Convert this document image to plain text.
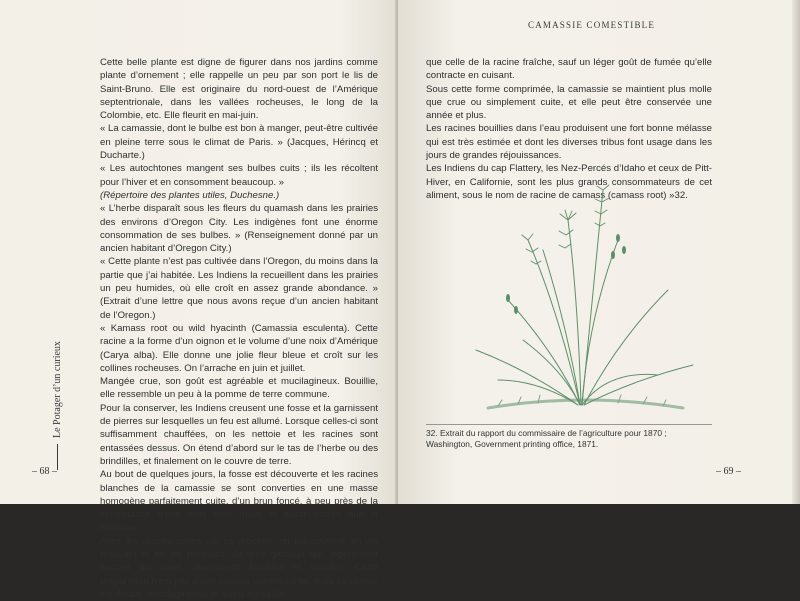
Cette belle plante est digne de figurer dans nos jardins comme plante d’ornement ; elle rappelle un peu par son port le lis de Saint-Bruno. Elle est originaire du nord-ouest de l’Amérique septentrionale, dans les vallées rocheuses, le long de la Colombie, etc. Elle fleurit en mai-juin.

« La camassie, dont le bulbe est bon à manger, peut-être cultivée en pleine terre sous le climat de Paris. » (Jacques, Hérincq et Ducharte.)

« Les autochtones mangent ses bulbes cuits ; ils les récoltent pour l’hiver et en consomment beaucoup. »

(Répertoire des plantes utiles, Duchesne.)

« L’herbe disparaît sous les fleurs du quamash dans les prairies des environs d’Oregon City. Les indigènes font une énorme consommation de ses bulbes. » (Renseignement donné par un ancien habitant d’Oregon City.)

« Cette plante n’est pas cultivée dans l’Oregon, du moins dans la partie que j’ai habitée. Les Indiens la recueillent dans les prairies un peu humides, où elle croît en assez grande abondance. » (Extrait d’une lettre que nous avons reçue d’un ancien habitant de l’Oregon.)

« Kamass root ou wild hyacinth (Camassia esculenta). Cette racine a la forme d’un oignon et le volume d’une noix d’Amérique (Carya alba). Elle donne une jolie fleur bleue et croît sur les collines rocheuses. On l’arrache en juin et juillet.

Mangée crue, son goût est agréable et mucilagineux. Bouillie, elle ressemble un peu à la pomme de terre commune.

Pour la conserver, les Indiens creusent une fosse et la garnissent de pierres sur lesquelles un feu est allumé. Lorsque celles-ci sont suffisamment chauffées, on les nettoie et les racines sont entassées dessus. On étend d’abord sur le tas de l’herbe ou des brindilles, et finalement on le couvre de terre.

Au bout de quelques jours, la fosse est découverte et les racines blanches de la camassie se sont converties en une masse homogène parfaitement cuite, d’un brun foncé, à peu près de la consistance d’une colle forte molle et aussi sucrée que la mélasse.

Avec les racines cuites par ce procédé, on fait souvent, en les brassant et en les pressant, de gros gâteaux qui, légèrement séchés au soleil, deviennent flexibles et souples. Cette préparation n’est pas d’une couleur appétissante, mais sa saveur est douce, mucilagineuse et aussi agréable

Le Potager d’un curieux
– 68 –
CAMASSIE COMESTIBLE

que celle de la racine fraîche, sauf un léger goût de fumée qu’elle contracte en cuisant.

Sous cette forme comprimée, la camassie se maintient plus molle que crue ou simplement cuite, et elle peut être conservée une année et plus.

Les racines bouillies dans l’eau produisent une fort bonne mélasse qui est très estimée et dont les diverses tribus font usage dans les jours de grandes réjouissances.

Les Indiens du cap Flattery, les Nez-Percés d’Idaho et ceux de Pitt-Hiver, en Californie, sont les plus grands consommateurs de cet aliment, sous le nom de racine de camass (camass root) »32.

32. Extrait du rapport du commissaire de l’agriculture pour 1870 ; Washington, Government printing office, 1871.

– 69 –
